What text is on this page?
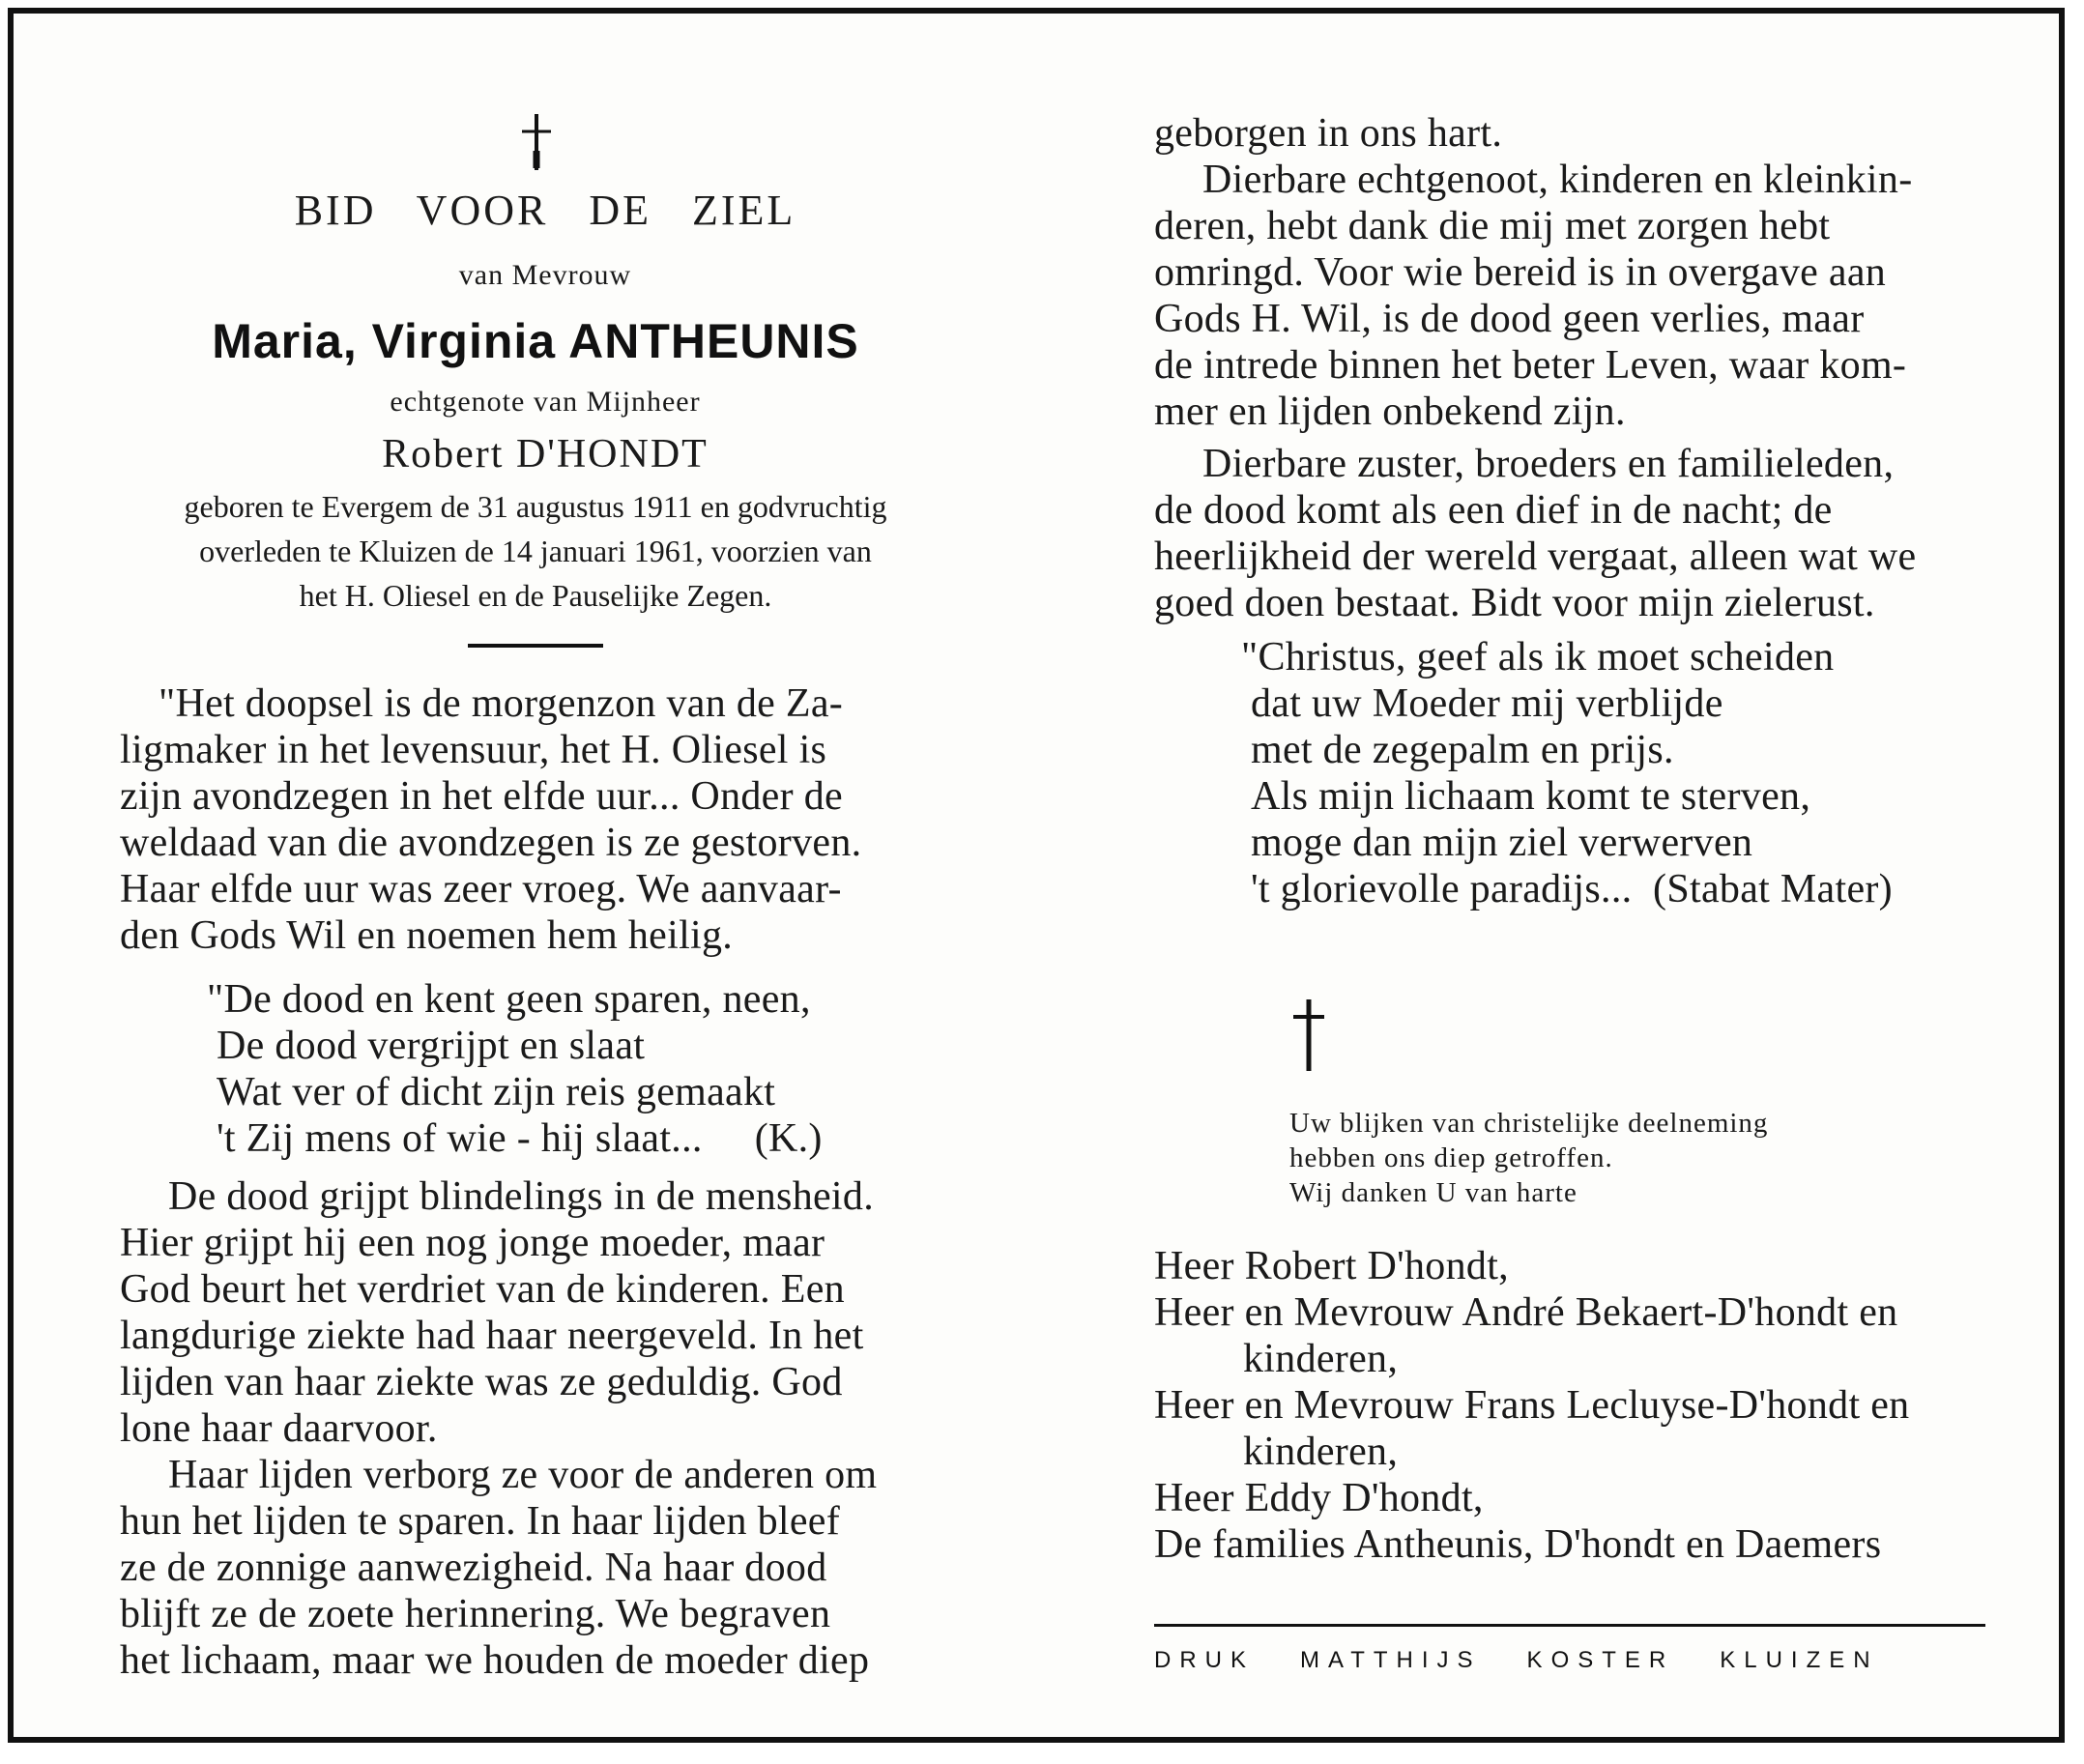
BID   VOOR   DE   ZIEL
van Mevrouw
Maria, Virginia ANTHEUNIS
echtgenote van Mijnheer
Robert D'HONDT
geboren te Evergem de 31 augustus 1911 en godvruchtig
overleden te Kluizen de 14 januari 1961, voorzien van
het H. Oliesel en de Pauselijke Zegen.
"Het doopsel is de morgenzon van de Za-
ligmaker in het levensuur, het H. Oliesel is
zijn avondzegen in het elfde uur... Onder de
weldaad van die avondzegen is ze gestorven.
Haar elfde uur was zeer vroeg. We aanvaar-
den Gods Wil en noemen hem heilig.
"De dood en kent geen sparen, neen,
De dood vergrijpt en slaat
Wat ver of dicht zijn reis gemaakt
't Zij mens of wie - hij slaat...     (K.)
De dood grijpt blindelings in de mensheid.
Hier grijpt hij een nog jonge moeder, maar
God beurt het verdriet van de kinderen. Een
langdurige ziekte had haar neergeveld. In het
lijden van haar ziekte was ze geduldig. God
lone haar daarvoor.
Haar lijden verborg ze voor de anderen om
hun het lijden te sparen. In haar lijden bleef
ze de zonnige aanwezigheid. Na haar dood
blijft ze de zoete herinnering. We begraven
het lichaam, maar we houden de moeder diep
geborgen in ons hart.
Dierbare echtgenoot, kinderen en kleinkin-
deren, hebt dank die mij met zorgen hebt
omringd. Voor wie bereid is in overgave aan
Gods H. Wil, is de dood geen verlies, maar
de intrede binnen het beter Leven, waar kom-
mer en lijden onbekend zijn.
Dierbare zuster, broeders en familieleden,
de dood komt als een dief in de nacht; de
heerlijkheid der wereld vergaat, alleen wat we
goed doen bestaat. Bidt voor mijn zielerust.
"Christus, geef als ik moet scheiden
dat uw Moeder mij verblijde
met de zegepalm en prijs.
Als mijn lichaam komt te sterven,
moge dan mijn ziel verwerven
't glorievolle paradijs...  (Stabat Mater)
Uw blijken van christelijke deelneming
hebben ons diep getroffen.
Wij danken U van harte
Heer Robert D'hondt,
Heer en Mevrouw André Bekaert-D'hondt en
kinderen,
Heer en Mevrouw Frans Lecluyse-D'hondt en
kinderen,
Heer Eddy D'hondt,
De families Antheunis, D'hondt en Daemers
DRUK   MATTHIJS   KOSTER   KLUIZEN
